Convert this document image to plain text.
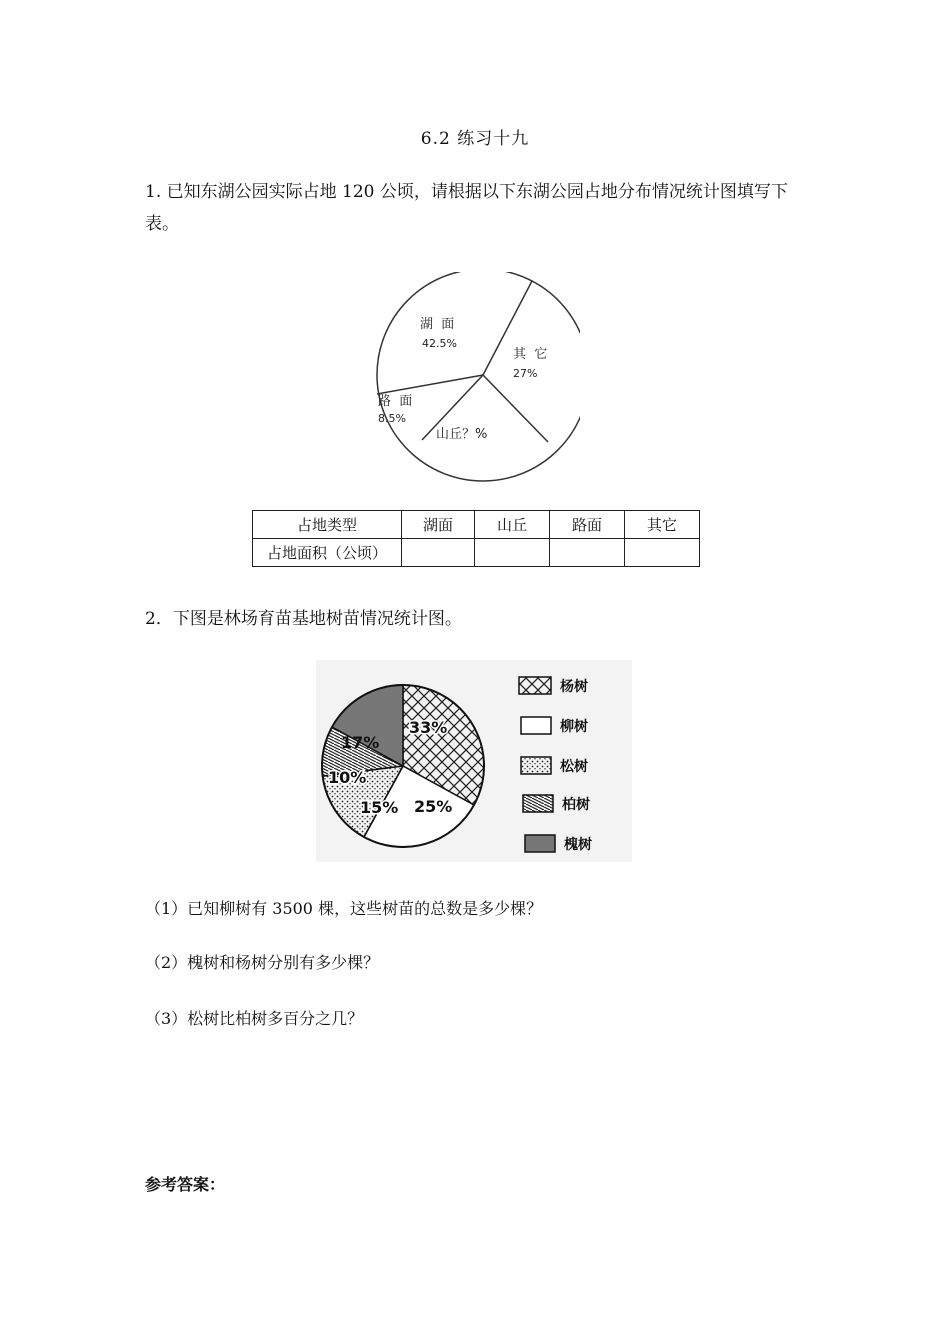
6.2 练习十九
1. 已知东湖公园实际占地 120 公顷，请根据以下东湖公园占地分布情况统计图填写下表。
湖  面
42.5%
其  它
27%
路  面
8.5%
山丘？%
占地类型	湖面	山丘	路面	其它
占地面积（公顷）				
2．下图是林场育苗基地树苗情况统计图。
25%
33%
17%
10%
15%
杨树
柳树
松树
柏树
槐树
（1）已知柳树有 3500 棵，这些树苗的总数是多少棵？
（2）槐树和杨树分别有多少棵？
（3）松树比柏树多百分之几？
参考答案：
